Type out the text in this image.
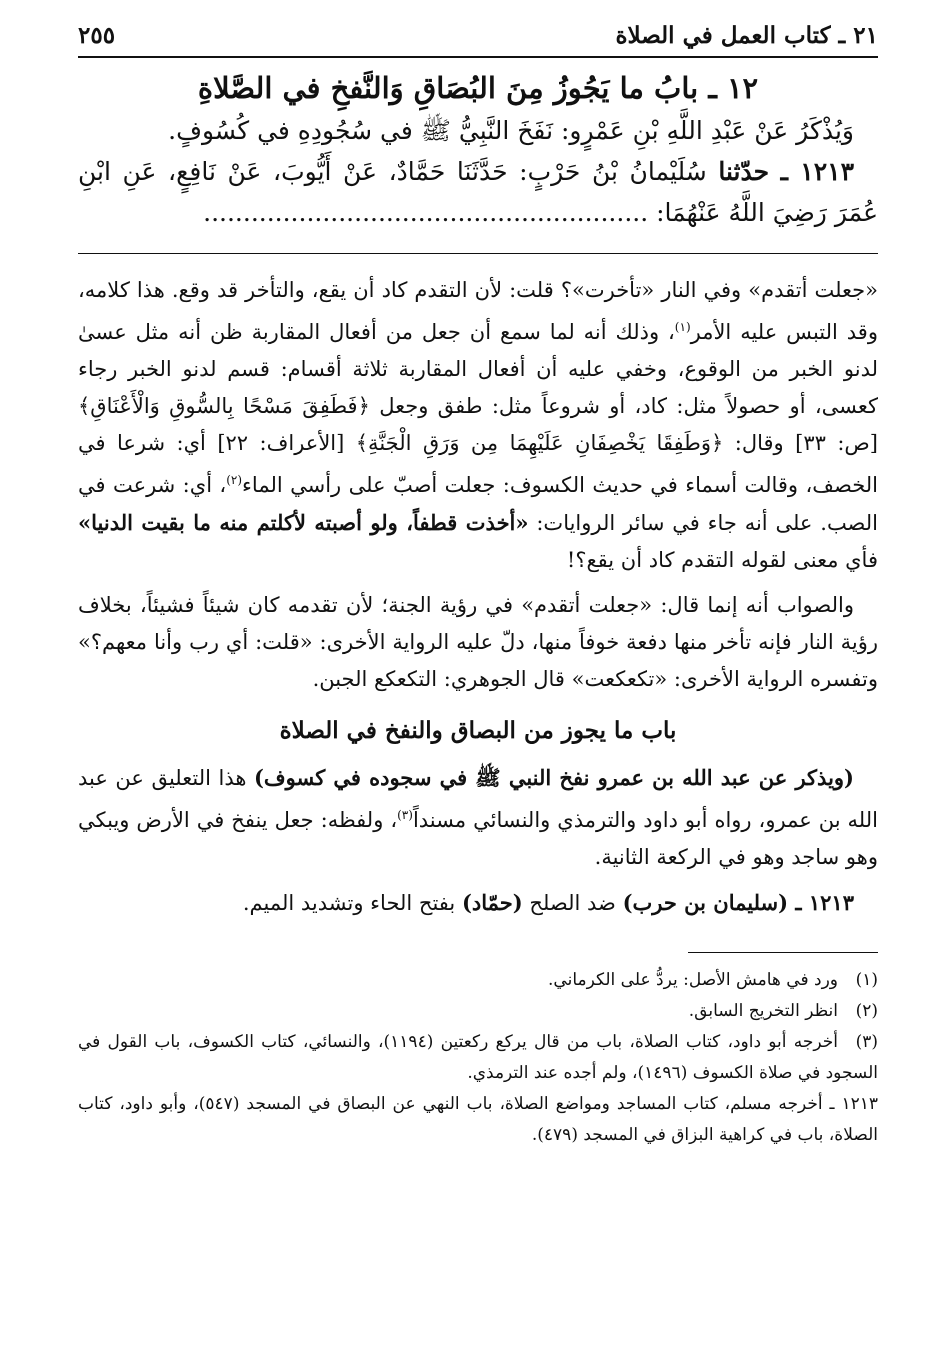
٢١ ـ كتاب العمل في الصلاة
٢٥٥
١٢ ـ بابُ ما يَجُوزُ مِنَ البُصَاقِ وَالنَّفخِ في الصَّلاةِ

وَيُذْكَرُ عَنْ عَبْدِ اللَّهِ بْنِ عَمْرٍو: نَفَخَ النَّبِيُّ ﷺ في سُجُودِهِ في كُسُوفٍ.

١٢١٣ ـ حدّثنا سُلَيْمانُ بْنُ حَرْبٍ: حَدَّثَنَا حَمَّادٌ، عَنْ أَيُّوبَ، عَنْ نَافِعٍ، عَنِ ابْنِ عُمَرَ رَضِيَ اللَّهُ عَنْهُمَا: ........................................................

«جعلت أتقدم» وفي النار «تأخرت»؟ قلت: لأن التقدم كاد أن يقع، والتأخر قد وقع. هذا كلامه، وقد التبس عليه الأمر$^{(١)}$، وذلك أنه لما سمع أن جعل من أفعال المقاربة ظن أنه مثل عسىٰ لدنو الخبر من الوقوع، وخفي عليه أن أفعال المقاربة ثلاثة أقسام: قسم لدنو الخبر رجاء كعسى، أو حصولاً مثل: كاد، أو شروعاً مثل: طفق وجعل ﴿فَطَفِقَ مَسْحًا بِالسُّوقِ وَالْأَعْنَاقِ﴾ [ص: ٣٣] وقال: ﴿وَطَفِقَا يَخْصِفَانِ عَلَيْهِمَا مِن وَرَقِ الْجَنَّةِ﴾ [الأعراف: ٢٢] أي: شرعا في الخصف، وقالت أسماء في حديث الكسوف: جعلت أصبّ على رأسي الماء$^{(٢)}$، أي: شرعت في الصب. على أنه جاء في سائر الروايات: «أخذت قطفاً، ولو أصبته لأكلتم منه ما بقيت الدنيا» فأي معنى لقوله التقدم كاد أن يقع؟!

والصواب أنه إنما قال: «جعلت أتقدم» في رؤية الجنة؛ لأن تقدمه كان شيئاً فشيئاً، بخلاف رؤية النار فإنه تأخر منها دفعة خوفاً منها، دلّ عليه الرواية الأخرى: «قلت: أي رب وأنا معهم؟» وتفسره الرواية الأخرى: «تكعكعت» قال الجوهري: التكعكع الجبن.

باب ما يجوز من البصاق والنفخ في الصلاة

(ويذكر عن عبد الله بن عمرو نفخ النبي ﷺ في سجوده في كسوف) هذا التعليق عن عبد الله بن عمرو، رواه أبو داود والترمذي والنسائي مسنداً$^{(٣)}$، ولفظه: جعل ينفخ في الأرض ويبكي وهو ساجد وهو في الركعة الثانية.

١٢١٣ ـ (سليمان بن حرب) ضد الصلح (حمّاد) بفتح الحاء وتشديد الميم.

(١)ورد في هامش الأصل: يردُّ على الكرماني.

(٢)انظر التخريج السابق.

(٣)أخرجه أبو داود، كتاب الصلاة، باب من قال يركع ركعتين (١١٩٤)، والنسائي، كتاب الكسوف، باب القول في السجود في صلاة الكسوف (١٤٩٦)، ولم أجده عند الترمذي.

١٢١٣ ـ أخرجه مسلم، كتاب المساجد ومواضع الصلاة، باب النهي عن البصاق في المسجد (٥٤٧)، وأبو داود، كتاب الصلاة، باب في كراهية البزاق في المسجد (٤٧٩).
